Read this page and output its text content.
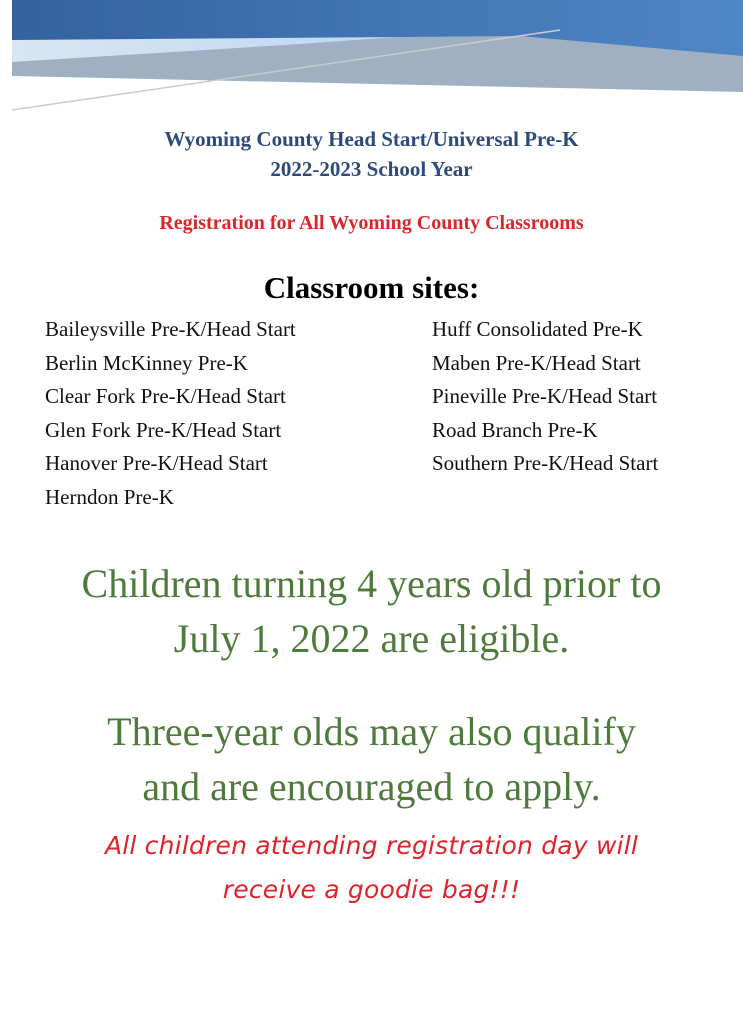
Wyoming County Head Start/Universal Pre-K
2022-2023 School Year
Registration for All Wyoming County Classrooms
Classroom sites:
Baileysville Pre-K/Head Start
Berlin McKinney Pre-K
Clear Fork Pre-K/Head Start
Glen Fork Pre-K/Head Start
Hanover Pre-K/Head Start
Herndon Pre-K
Huff Consolidated Pre-K
Maben Pre-K/Head Start
Pineville Pre-K/Head Start
Road Branch Pre-K
Southern Pre-K/Head Start
Children turning 4 years old prior to
July 1, 2022 are eligible.
Three-year olds may also qualify
and are encouraged to apply.
All children attending registration day will
receive a goodie bag!!!
